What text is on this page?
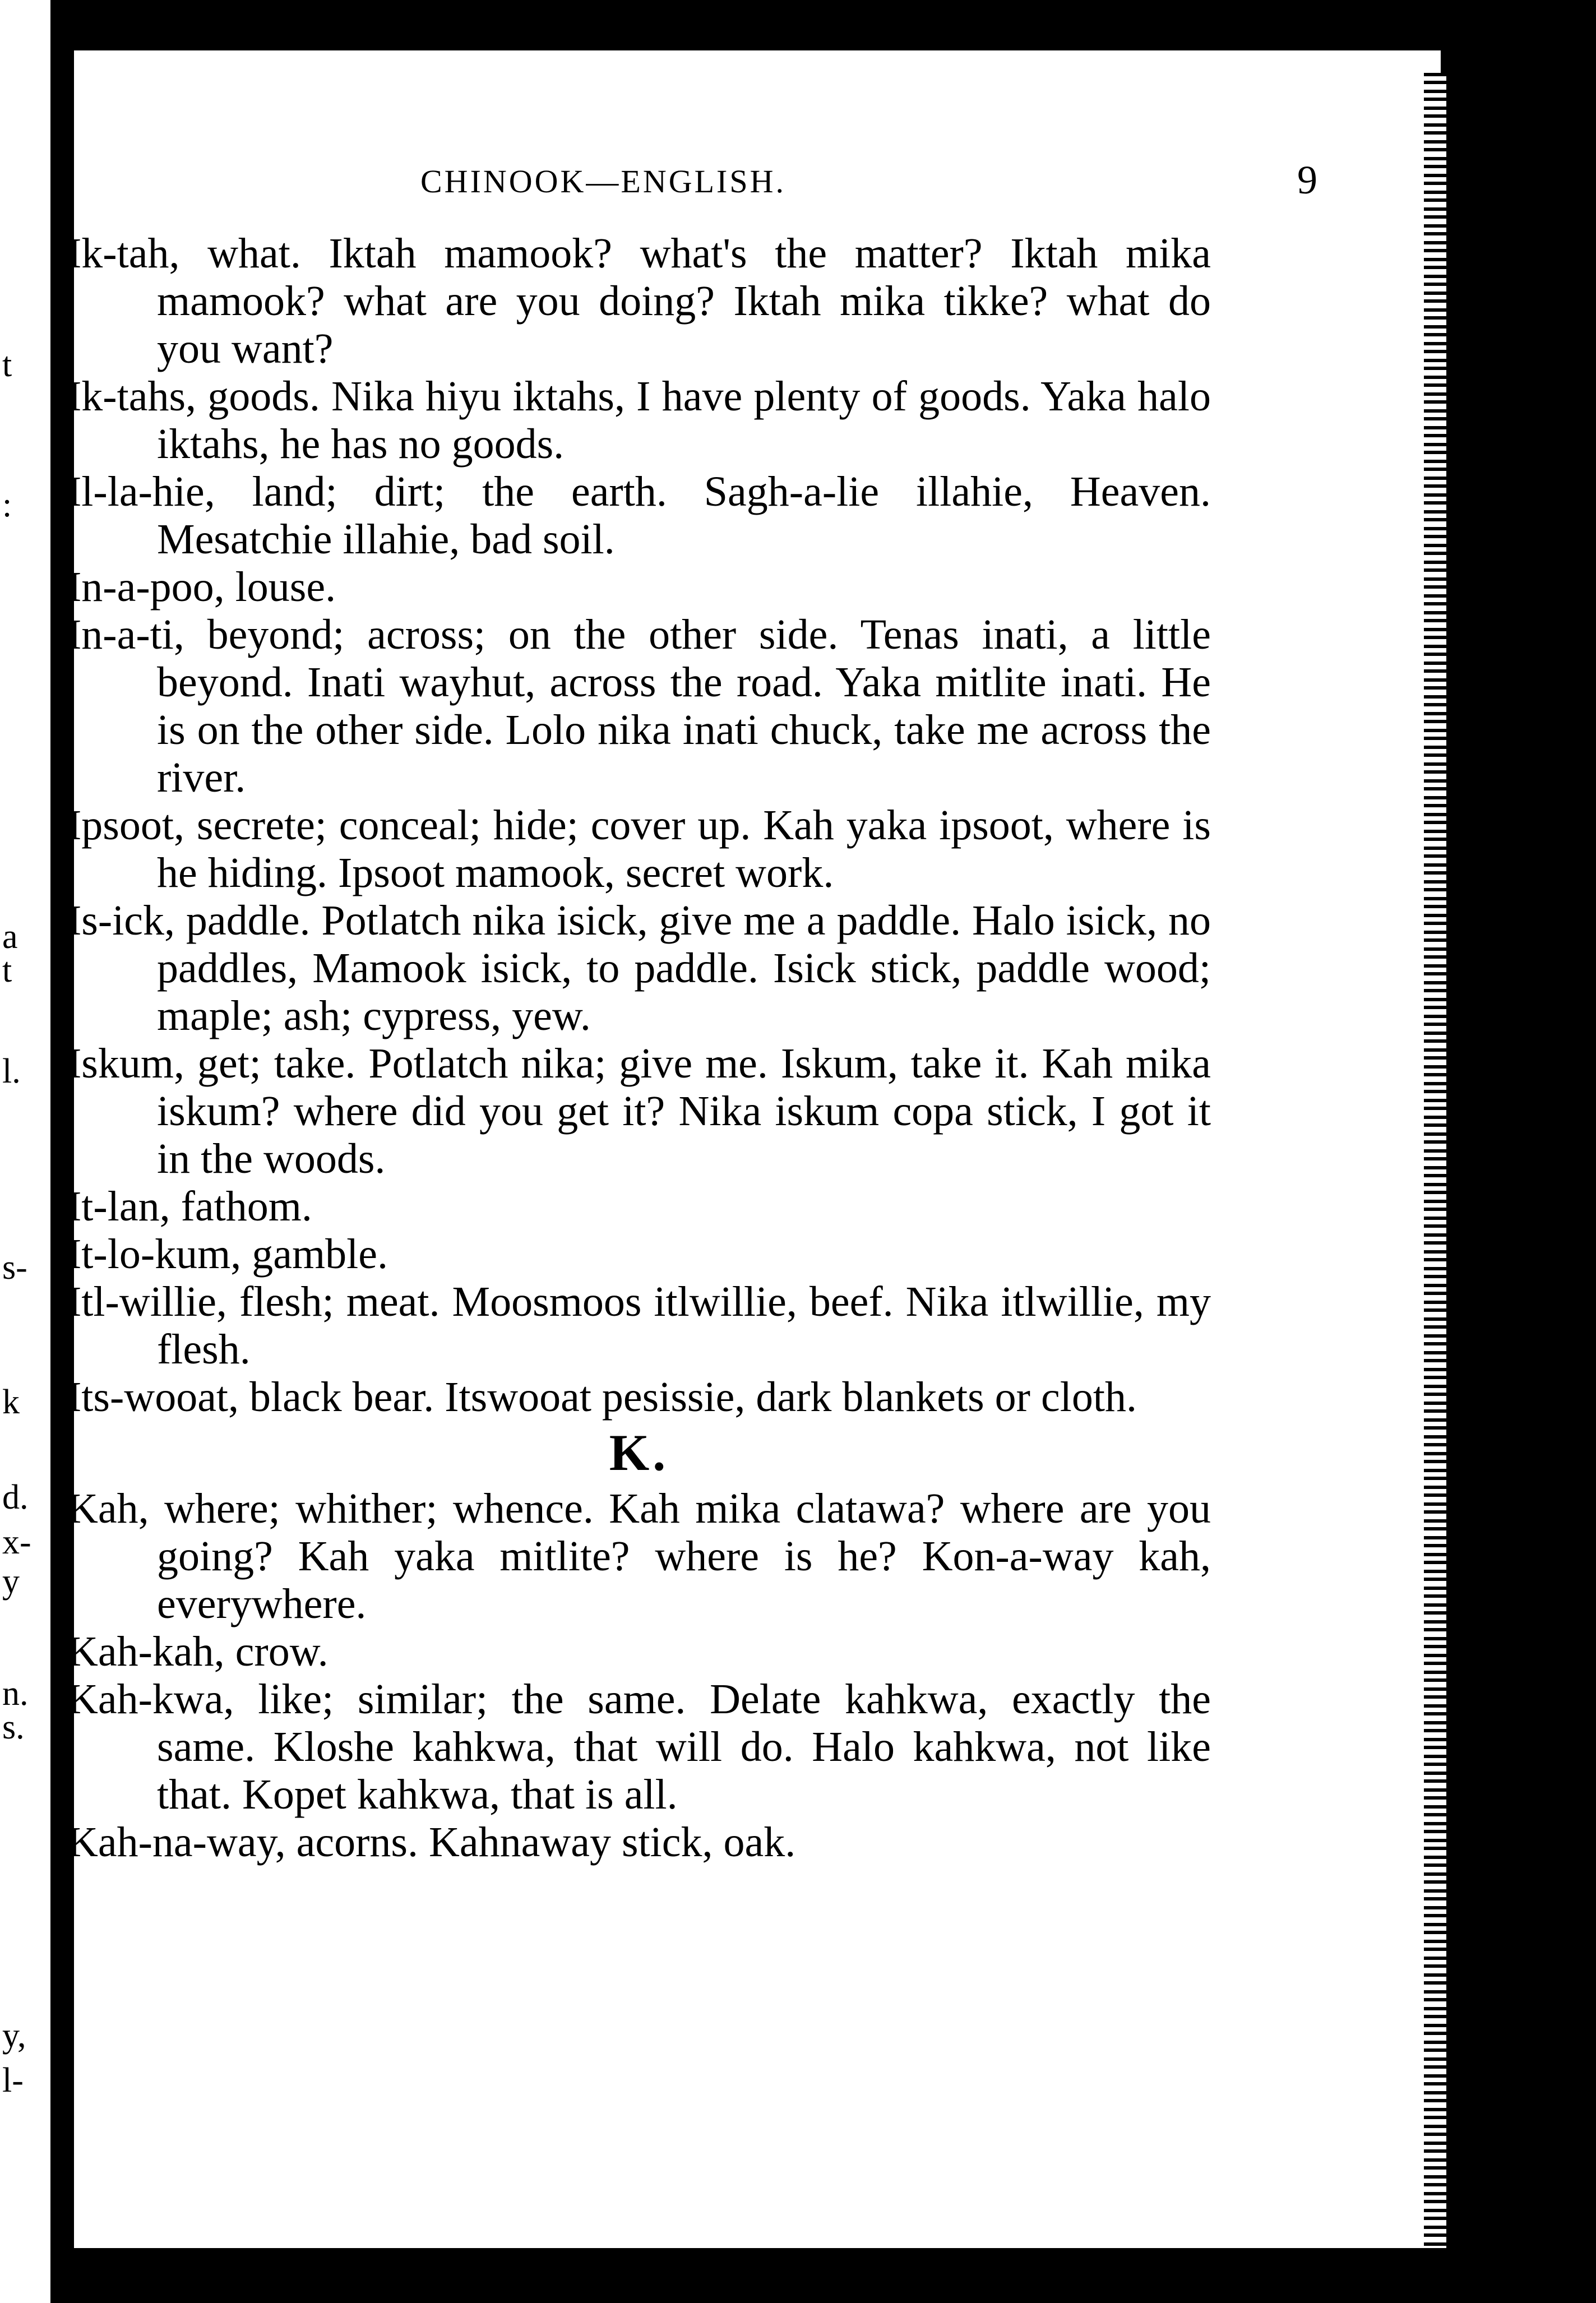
t
:
a
t
l.
s-
k
d.
x-
y
n.
s.
y,
l-
CHINOOK—ENGLISH.	9

Ik-tah, what. Iktah mamook? what's the matter? Iktah mika mamook? what are you doing? Iktah mika tikke? what do you want?

Ik-tahs, goods. Nika hiyu iktahs, I have plenty of goods. Yaka halo iktahs, he has no goods.

Il-la-hie, land; dirt; the earth. Sagh-a-lie illahie, Heaven. Mesatchie illahie, bad soil.

In-a-poo, louse.

In-a-ti, beyond; across; on the other side. Tenas inati, a little beyond. Inati wayhut, across the road. Yaka mitlite inati. He is on the other side. Lolo nika inati chuck, take me across the river.

Ipsoot, secrete; conceal; hide; cover up. Kah yaka ipsoot, where is he hiding. Ipsoot mamook, secret work.

Is-ick, paddle. Potlatch nika isick, give me a paddle. Halo isick, no paddles, Mamook isick, to paddle. Isick stick, paddle wood; maple; ash; cypress, yew.

Iskum, get; take. Potlatch nika; give me. Iskum, take it. Kah mika iskum? where did you get it? Nika iskum copa stick, I got it in the woods.

It-lan, fathom.

It-lo-kum, gamble.

Itl-willie, flesh; meat. Moosmoos itlwillie, beef. Nika itlwillie, my flesh.

Its-wooat, black bear. Itswooat pesissie, dark blankets or cloth.

K.

Kah, where; whither; whence. Kah mika clatawa? where are you going? Kah yaka mitlite? where is he? Kon-a-way kah, everywhere.

Kah-kah, crow.

Kah-kwa, like; similar; the same. Delate kahkwa, exactly the same. Kloshe kahkwa, that will do. Halo kahkwa, not like that. Kopet kahkwa, that is all.

Kah-na-way, acorns. Kahnaway stick, oak.
